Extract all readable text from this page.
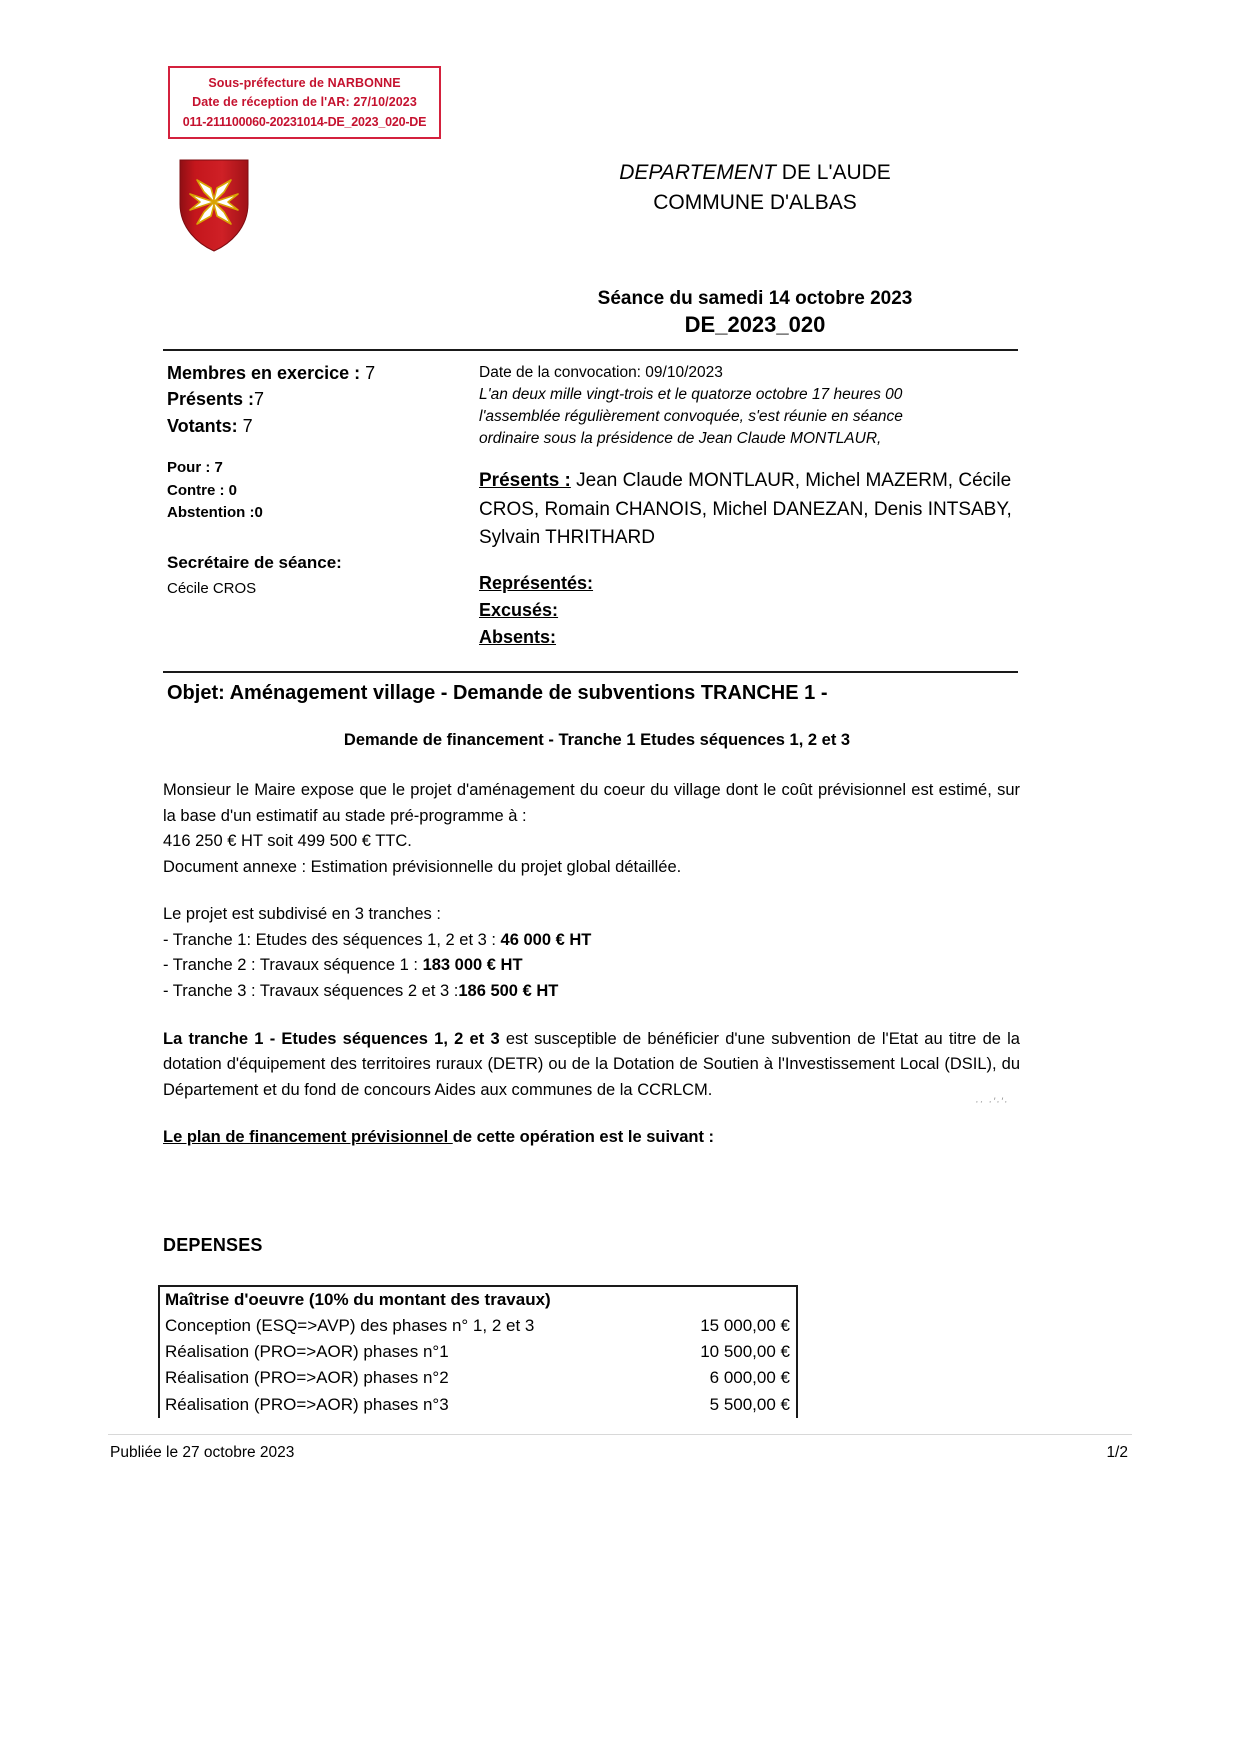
Sous-préfecture de NARBONNE
Date de réception de l'AR: 27/10/2023
011-211100060-20231014-DE_2023_020-DE
DEPARTEMENT DE L'AUDE
COMMUNE D'ALBAS
Séance du samedi 14 octobre 2023
DE_2023_020
Membres en exercice : 7
Présents :7
Votants: 7
Pour : 7
Contre : 0
Abstention :0
Secrétaire de séance:
Cécile CROS
Date de la convocation: 09/10/2023
L'an deux mille vingt-trois et le quatorze octobre 17 heures 00
l'assemblée régulièrement convoquée, s'est réunie en séance
ordinaire sous la présidence de Jean Claude MONTLAUR,
Présents : Jean Claude MONTLAUR, Michel MAZERM, Cécile CROS, Romain CHANOIS, Michel DANEZAN, Denis INTSABY, Sylvain THRITHARD
Représentés:
Excusés:
Absents:
Objet: Aménagement village - Demande de subventions TRANCHE 1 -
Demande de financement - Tranche 1 Etudes séquences 1, 2 et 3

Monsieur le Maire expose que le projet d'aménagement du coeur du village dont le coût prévisionnel est estimé, sur la base d'un estimatif au stade pré-programme à :

416 250 € HT soit 499 500 € TTC.

Document annexe : Estimation prévisionnelle du projet global détaillée.

Le projet est subdivisé en 3 tranches :

- Tranche 1: Etudes des séquences 1, 2 et 3 : 46 000 € HT

- Tranche 2 : Travaux séquence 1 : 183 000 € HT

- Tranche 3 : Travaux séquences 2 et 3 :186 500 € HT

La tranche 1 - Etudes séquences 1, 2 et 3 est susceptible de bénéficier d'une subvention de l'Etat au titre de la dotation d'équipement des territoires ruraux (DETR) ou de la Dotation de Soutien à l'Investissement Local (DSIL), du Département et du fond de concours Aides aux communes de la CCRLCM.

Le plan de financement prévisionnel de cette opération est le suivant :

·· ·'·'·
DEPENSES
Maîtrise d'oeuvre (10% du montant des travaux)
Conception (ESQ=>AVP) des phases n° 1, 2 et 3	15 000,00 €
Réalisation (PRO=>AOR) phases n°1	10 500,00 €
Réalisation (PRO=>AOR) phases n°2	6 000,00 €
Réalisation (PRO=>AOR) phases n°3	5 500,00 €
Publiée le 27 octobre 2023	1/2
